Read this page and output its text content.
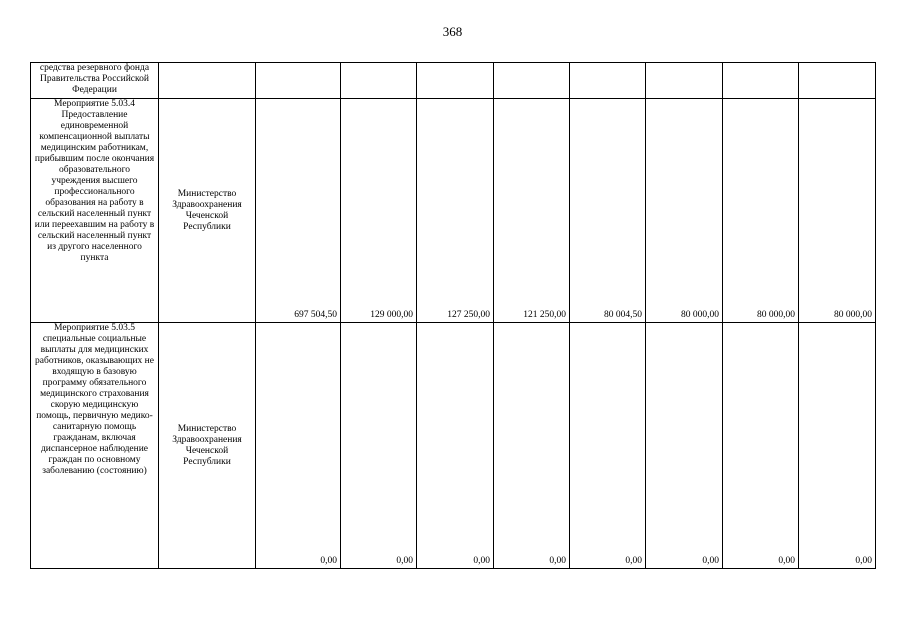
368
средства резервного фонда Правительства Российской Федерации									
Мероприятие 5.03.4 Предоставление единовременной компенсационной выплаты медицинским работникам, прибывшим после окончания образовательного учреждения высшего профессионального образования на работу в сельский населенный пункт или переехавшим на работу в сельский населенный пункт из другого населенного пункта	Министерство Здравоохранения Чеченской Республики	697 504,50	129 000,00	127 250,00	121 250,00	80 004,50	80 000,00	80 000,00	80 000,00
Мероприятие 5.03.5 специальные социальные выплаты для медицинских работников, оказывающих не входящую в базовую программу обязательного медицинского страхования скорую медицинскую помощь, первичную медико-санитарную помощь гражданам, включая диспансерное наблюдение граждан по основному заболеванию (состоянию)	Министерство Здравоохранения Чеченской Республики	0,00	0,00	0,00	0,00	0,00	0,00	0,00	0,00
